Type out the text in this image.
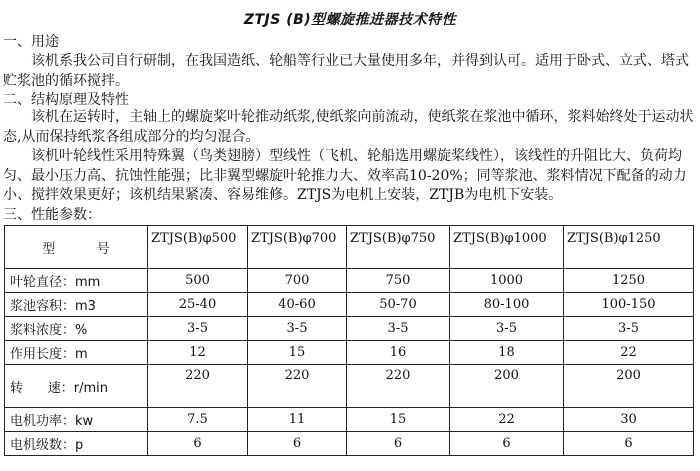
ZTJS (B)型螺旋推进器技术特性
一、用途
该机系我公司自行研制，在我国造纸、轮船等行业已大量使用多年，并得到认可。适用于卧式、立式、塔式贮浆池的循环搅拌。
二、结构原理及特性
该机在运转时，主轴上的螺旋桨叶轮推动纸浆,使纸浆向前流动，使纸浆在浆池中循环，浆料始终处于运动状态,从而保持纸浆各组成部分的均匀混合。
该机叶轮线性采用特殊翼（鸟类翅膀）型线性（飞机、轮船选用螺旋桨线性），该线性的升阻比大、负荷均匀、最小压力高、抗蚀性能强；比非翼型螺旋叶轮推力大、效率高10-20%；同等浆池、浆料情况下配备的动力小、搅拌效果更好；该机结果紧凑、容易维修。ZTJS为电机上安装，ZTJB为电机下安装。
三、性能参数：
型          号	ZTJS(B)φ500	ZTJS(B)φ700	ZTJS(B)φ750	ZTJS(B)φ1000	ZTJS(B)φ1250
叶轮直径：mm	500	700	750	1000	1250
浆池容积：m3	25-40	40-60	50-70	80-100	100-150
浆料浓度：%	3-5	3-5	3-5	3-5	3-5
作用长度：m	12	15	16	18	22
转      速：r/min	220	220	220	200	200
电机功率：kw	7.5	11	15	22	30
电机级数：p	6	6	6	6	6
